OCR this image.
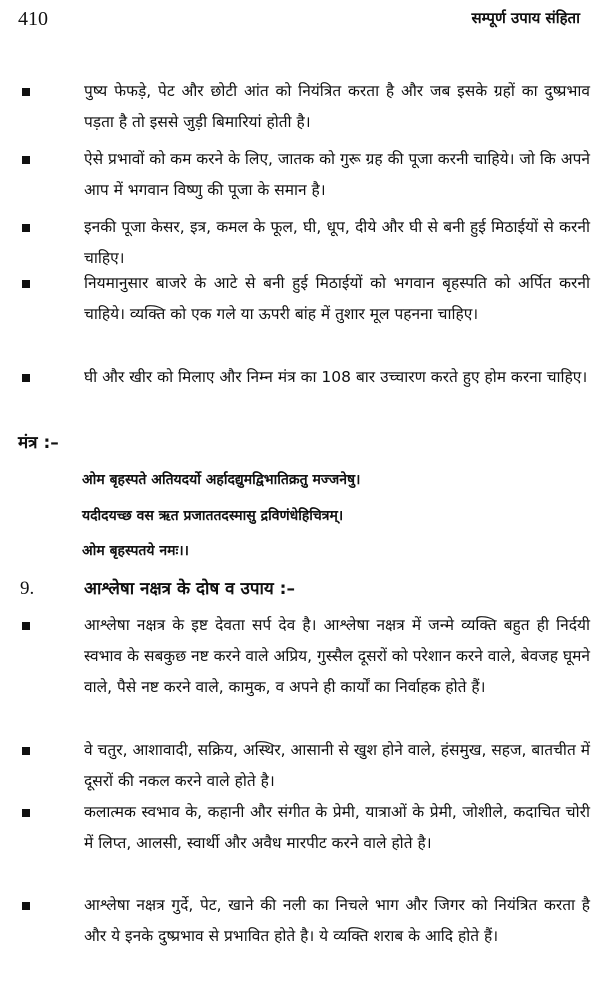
410	सम्पूर्ण उपाय संहिता
पुष्य फेफड़े, पेट और छोटी आंत को नियंत्रित करता है और जब इसके ग्रहों का दुष्प्रभाव पड़ता है तो इससे जुड़ी बिमारियां होती है।
ऐसे प्रभावों को कम करने के लिए, जातक को गुरू ग्रह की पूजा करनी चाहिये। जो कि अपने आप में भगवान विष्णु की पूजा के समान है।
इनकी पूजा केसर, इत्र, कमल के फूल, घी, धूप, दीये और घी से बनी हुई मिठाईयों से करनी चाहिए।
नियमानुसार बाजरे के आटे से बनी हुई मिठाईयों को भगवान बृहस्पति को अर्पित करनी चाहिये। व्यक्ति को एक गले या ऊपरी बांह में तुशार मूल पहनना चाहिए।
घी और खीर को मिलाए और निम्न मंत्र का 108 बार उच्चारण करते हुए होम करना चाहिए।
मंत्र :–
ओम बृहस्पते अतियदर्यो अर्हादद्युमद्विभातिक्रतु मज्जनेषु।
यदीदयच्छ वस ऋत प्रजाततदस्मासु द्रविणंधेहिचित्रम्।
ओम बृहस्पतये नमः।।
9.	आश्लेषा नक्षत्र के दोष व उपाय :–
आश्लेषा नक्षत्र के इष्ट देवता सर्प देव है। आश्लेषा नक्षत्र में जन्मे व्यक्ति बहुत ही निर्दयी स्वभाव के सबकुछ नष्ट करने वाले अप्रिय, गुस्सैल दूसरों को परेशान करने वाले, बेवजह घूमने वाले, पैसे नष्ट करने वाले, कामुक, व अपने ही कार्यों का निर्वाहक होते हैं।
वे चतुर, आशावादी, सक्रिय, अस्थिर, आसानी से खुश होने वाले, हंसमुख, सहज, बातचीत में दूसरों की नकल करने वाले होते है।
कलात्मक स्वभाव के, कहानी और संगीत के प्रेमी, यात्राओं के प्रेमी, जोशीले, कदाचित चोरी में लिप्त, आलसी, स्वार्थी और अवैध मारपीट करने वाले होते है।
आश्लेषा नक्षत्र गुर्दे, पेट, खाने की नली का निचले भाग और जिगर को नियंत्रित करता है और ये इनके दुष्प्रभाव से प्रभावित होते है। ये व्यक्ति शराब के आदि होते हैं।
